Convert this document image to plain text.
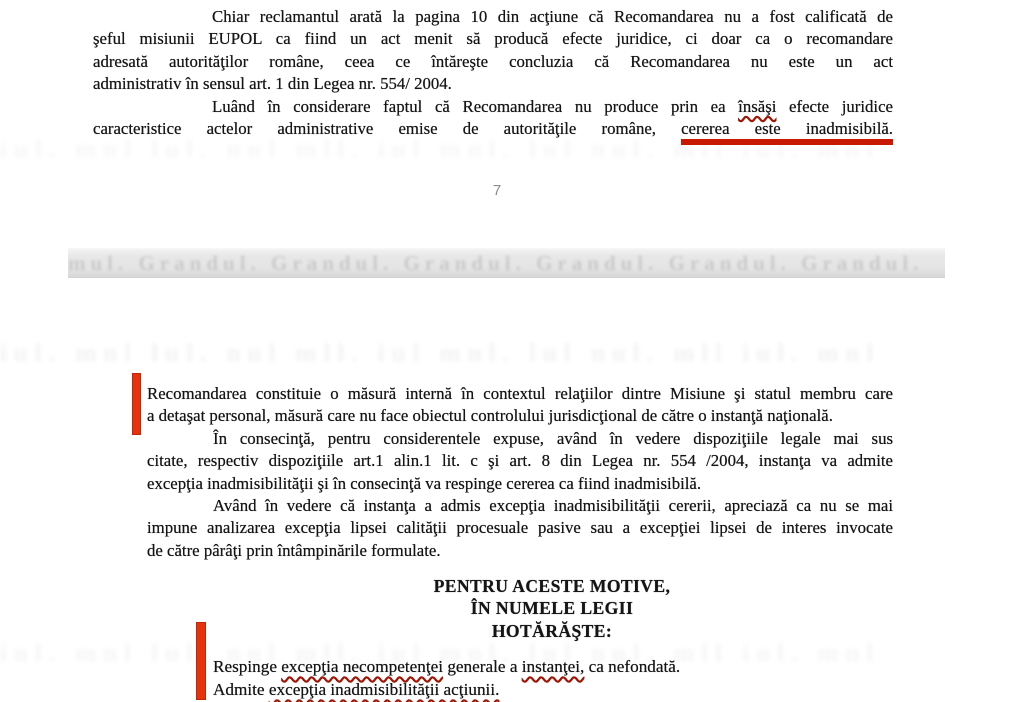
iul. mnl lul. nul mll. iul mnl. lul nul. mll iul. mnl
Chiar reclamantul arată la pagina 10 din acţiune că Recomandarea nu a fost calificată de
şeful misiunii EUPOL ca fiind un act menit să producă efecte juridice, ci doar ca o recomandare
adresată autorităţilor române, ceea ce întăreşte concluzia că Recomandarea nu este un act
administrativ în sensul art. 1 din Legea nr. 554/ 2004.
Luând în considerare faptul că Recomandarea nu produce prin ea însăşi efecte juridice
caracteristice actelor administrative emise de autorităţile române, cererea este inadmisibilă.
7
mul. Grandul. Grandul. Grandul. Grandul. Grandul. Grandul.
Recomandarea constituie o măsură internă în contextul relaţiilor dintre Misiune şi statul membru care
a detaşat personal, măsură care nu face obiectul controlului jurisdicţional de către o instanţă naţională.
În consecinţă, pentru considerentele expuse, având în vedere dispoziţiile legale mai sus
citate, respectiv dispoziţiile art.1 alin.1 lit. c şi art. 8 din Legea nr. 554 /2004, instanţa va admite
excepţia inadmisibilităţii şi în consecinţă va respinge cererea ca fiind inadmisibilă.
Având în vedere că instanţa a admis excepţia inadmisibilităţii cererii, apreciază ca nu se mai
impune analizarea excepţia lipsei calităţii procesuale pasive sau a excepţiei lipsei de interes invocate
de către pârâţi prin întâmpinările formulate.
PENTRU ACESTE MOTIVE,
ÎN NUMELE LEGII
HOTĂRĂŞTE:
Respinge excepţia necompetenţei generale a instanţei, ca nefondată.
Admite excepţia inadmisibilităţii acţiunii.
